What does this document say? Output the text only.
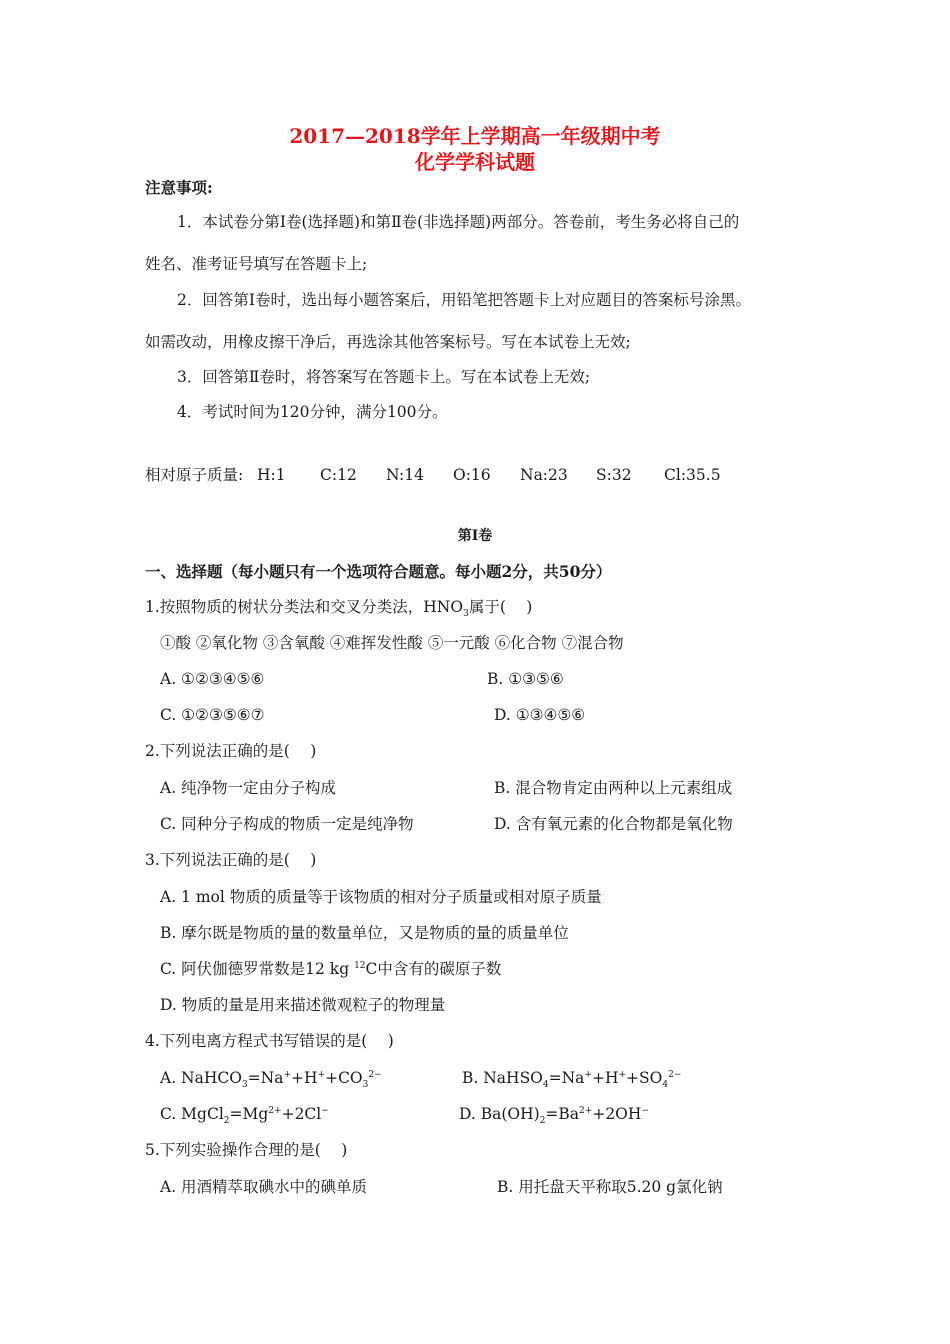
2017—2018学年上学期高一年级期中考
化学学科试题
注意事项:
1．本试卷分第Ⅰ卷(选择题)和第Ⅱ卷(非选择题)两部分。答卷前，考生务必将自己的
姓名、准考证号填写在答题卡上;
2．回答第Ⅰ卷时，选出每小题答案后，用铅笔把答题卡上对应题目的答案标号涂黑。
如需改动，用橡皮擦干净后，再选涂其他答案标号。写在本试卷上无效;
3．回答第Ⅱ卷时，将答案写在答题卡上。写在本试卷上无效;
4．考试时间为120分钟，满分100分。
相对原子质量: H:1 C:12 N:14 O:16 Na:23 S:32 Cl:35.5
第Ⅰ卷
一、选择题（每小题只有一个选项符合题意。每小题2分，共50分）
1.按照物质的树状分类法和交叉分类法，$HNO_3$属于(　 )
①酸 ②氧化物 ③含氧酸 ④难挥发性酸 ⑤一元酸 ⑥化合物 ⑦混合物
A. ①②③④⑤⑥	B. ①③⑤⑥
C. ①②③⑤⑥⑦	D. ①③④⑤⑥
2.下列说法正确的是(　 )
A. 纯净物一定由分子构成	B. 混合物肯定由两种以上元素组成
C. 同种分子构成的物质一定是纯净物	D. 含有氧元素的化合物都是氧化物
3.下列说法正确的是(　 )
A. 1 mol 物质的质量等于该物质的相对分子质量或相对原子质量
B. 摩尔既是物质的量的数量单位，又是物质的量的质量单位
C. 阿伏伽德罗常数是12 kg $^{12}$C中含有的碳原子数
D. 物质的量是用来描述微观粒子的物理量
4.下列电离方程式书写错误的是(　 )
A. $NaHCO_3=Na^++H^++CO_3^{2-}$	B. $NaHSO_4=Na^++H^++SO_4^{2-}$
C. $MgCl_2=Mg^{2+}+2Cl^-$	D. $Ba(OH)_2=Ba^{2+}+2OH^-$
5.下列实验操作合理的是(　 )
A. 用酒精萃取碘水中的碘单质	B. 用托盘天平称取5.20 g氯化钠
